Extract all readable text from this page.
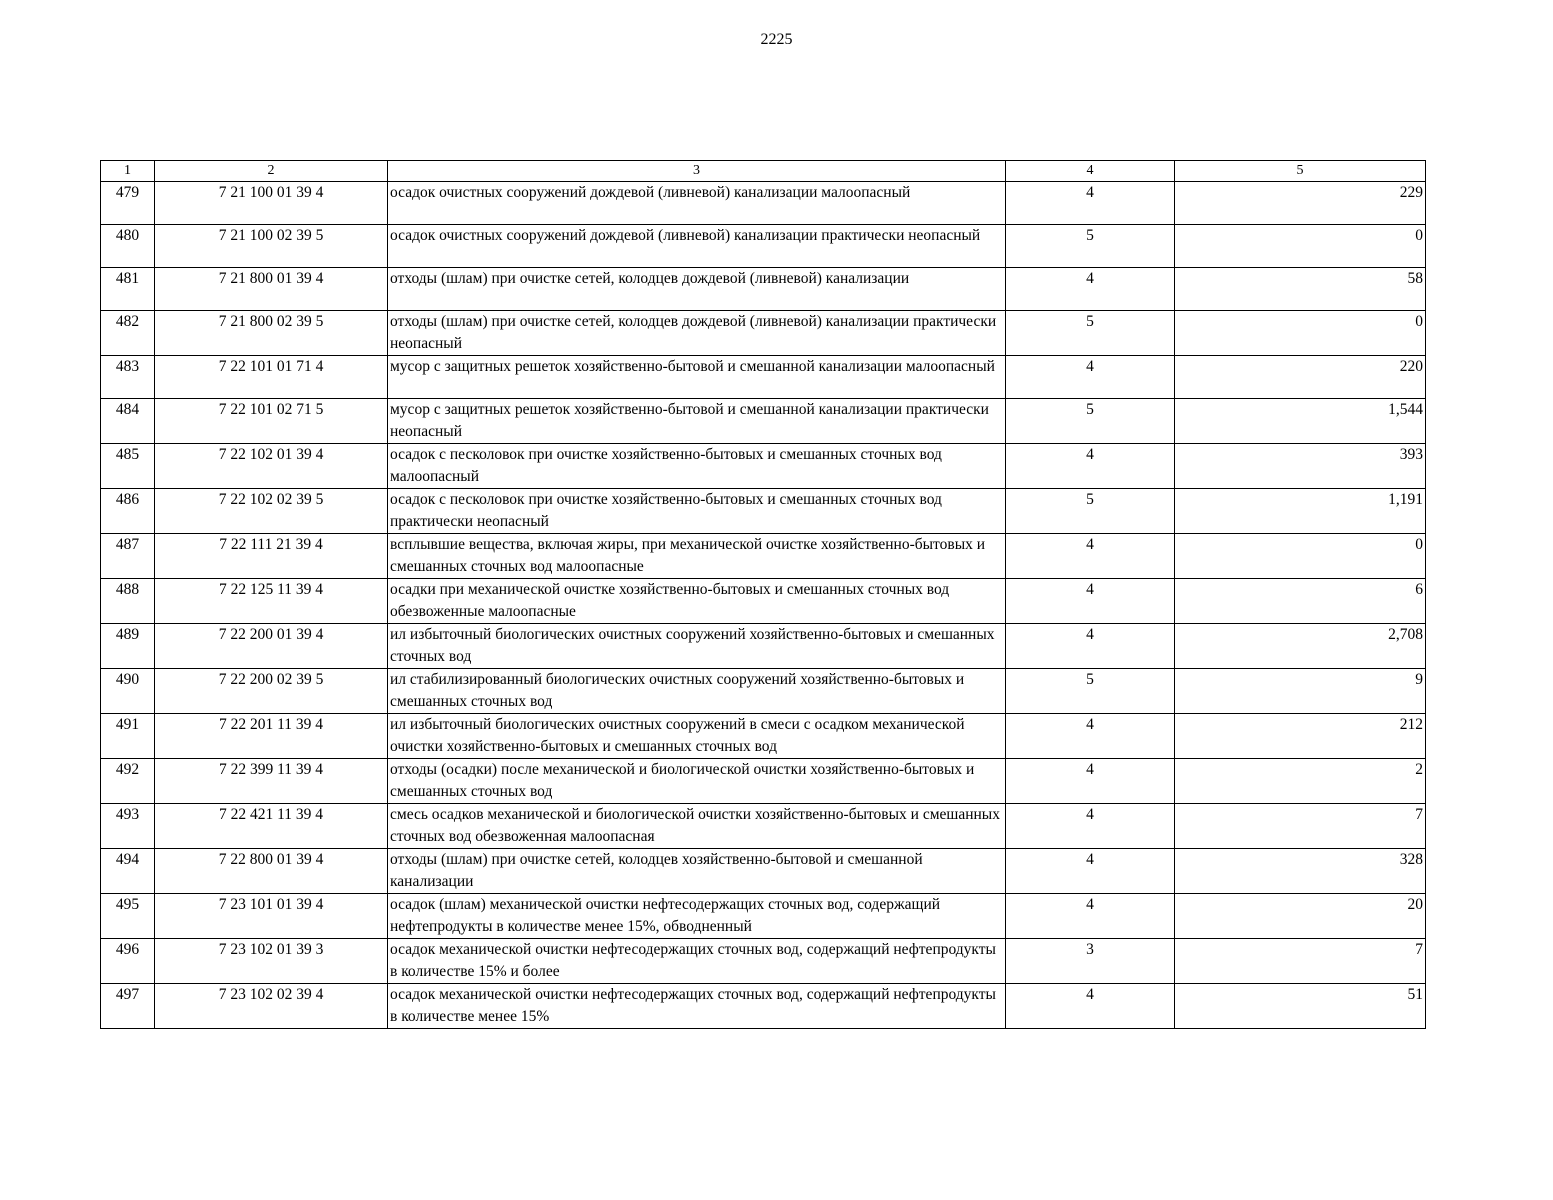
2225
1	2	3	4	5
479	7 21 100 01 39 4	осадок очистных сооружений дождевой (ливневой) канализации малоопасный	4	229
480	7 21 100 02 39 5	осадок очистных сооружений дождевой (ливневой) канализации практически неопасный	5	0
481	7 21 800 01 39 4	отходы (шлам) при очистке сетей, колодцев дождевой (ливневой) канализации	4	58
482	7 21 800 02 39 5	отходы (шлам) при очистке сетей, колодцев дождевой (ливневой) канализации практически неопасный	5	0
483	7 22 101 01 71 4	мусор с защитных решеток хозяйственно-бытовой и смешанной канализации малоопасный	4	220
484	7 22 101 02 71 5	мусор с защитных решеток хозяйственно-бытовой и смешанной канализации практически неопасный	5	1,544
485	7 22 102 01 39 4	осадок с песколовок при очистке хозяйственно-бытовых и смешанных сточных вод малоопасный	4	393
486	7 22 102 02 39 5	осадок с песколовок при очистке хозяйственно-бытовых и смешанных сточных вод практически неопасный	5	1,191
487	7 22 111 21 39 4	всплывшие вещества, включая жиры, при механической очистке хозяйственно-бытовых и смешанных сточных вод малоопасные	4	0
488	7 22 125 11 39 4	осадки при механической очистке хозяйственно-бытовых и смешанных сточных вод обезвоженные малоопасные	4	6
489	7 22 200 01 39 4	ил избыточный биологических очистных сооружений хозяйственно-бытовых и смешанных сточных вод	4	2,708
490	7 22 200 02 39 5	ил стабилизированный биологических очистных сооружений хозяйственно-бытовых и смешанных сточных вод	5	9
491	7 22 201 11 39 4	ил избыточный биологических очистных сооружений в смеси с осадком механической очистки хозяйственно-бытовых и смешанных сточных вод	4	212
492	7 22 399 11 39 4	отходы (осадки) после механической и биологической очистки хозяйственно-бытовых и смешанных сточных вод	4	2
493	7 22 421 11 39 4	смесь осадков механической и биологической очистки хозяйственно-бытовых и смешанных сточных вод обезвоженная малоопасная	4	7
494	7 22 800 01 39 4	отходы (шлам) при очистке сетей, колодцев хозяйственно-бытовой и смешанной канализации	4	328
495	7 23 101 01 39 4	осадок (шлам) механической очистки нефтесодержащих сточных вод, содержащий нефтепродукты в количестве менее 15%, обводненный	4	20
496	7 23 102 01 39 3	осадок механической очистки нефтесодержащих сточных вод, содержащий нефтепродукты в количестве 15% и более	3	7
497	7 23 102 02 39 4	осадок механической очистки нефтесодержащих сточных вод, содержащий нефтепродукты в количестве менее 15%	4	51
